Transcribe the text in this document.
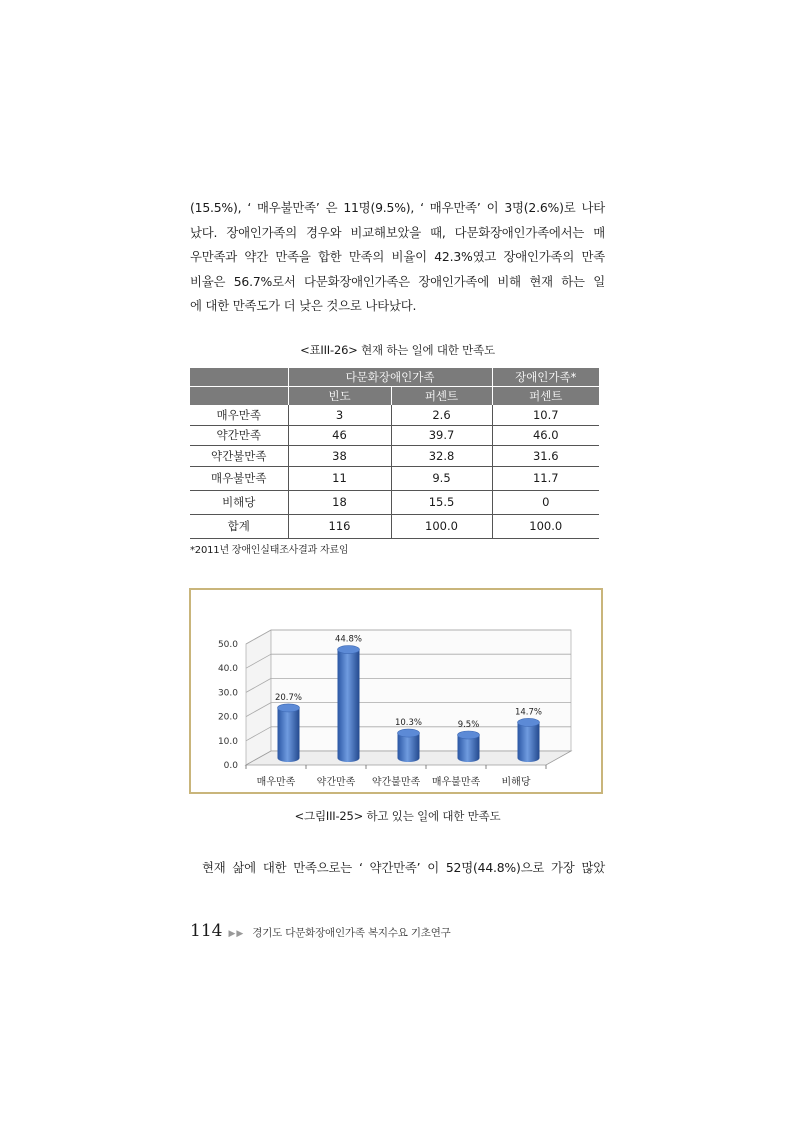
(15.5%), ‘ 매우불만족’ 은 11명(9.5%), ‘ 매우만족’ 이 3명(2.6%)로 나타
났다. 장애인가족의 경우와 비교해보았을 때, 다문화장애인가족에서는 매
우만족과 약간 만족을 합한 만족의 비율이 42.3%였고 장애인가족의 만족
비율은 56.7%로서 다문화장애인가족은 장애인가족에 비해 현재 하는 일
에 대한 만족도가 더 낮은 것으로 나타났다.
<표III-26> 현재 하는 일에 대한 만족도
	다문화장애인가족		장애인가족*
	빈도	퍼센트	퍼센트
매우만족	3	2.6	10.7
약간만족	46	39.7	46.0
약간불만족	38	32.8	31.6
매우불만족	11	9.5	11.7
비해당	18	15.5	0
합계	116	100.0	100.0
*2011년 장애인실태조사결과 자료임
0.0
10.0
20.0
30.0
40.0
50.0
20.7%
매우만족
44.8%
약간만족
10.3%
약간불만족
9.5%
매우불만족
14.7%
비해당
<그림III-25> 하고 있는 일에 대한 만족도
현재 삶에 대한 만족으로는 ‘ 약간만족’ 이 52명(44.8%)으로 가장 많았
114 ▶▶ 경기도 다문화장애인가족 복지수요 기초연구
